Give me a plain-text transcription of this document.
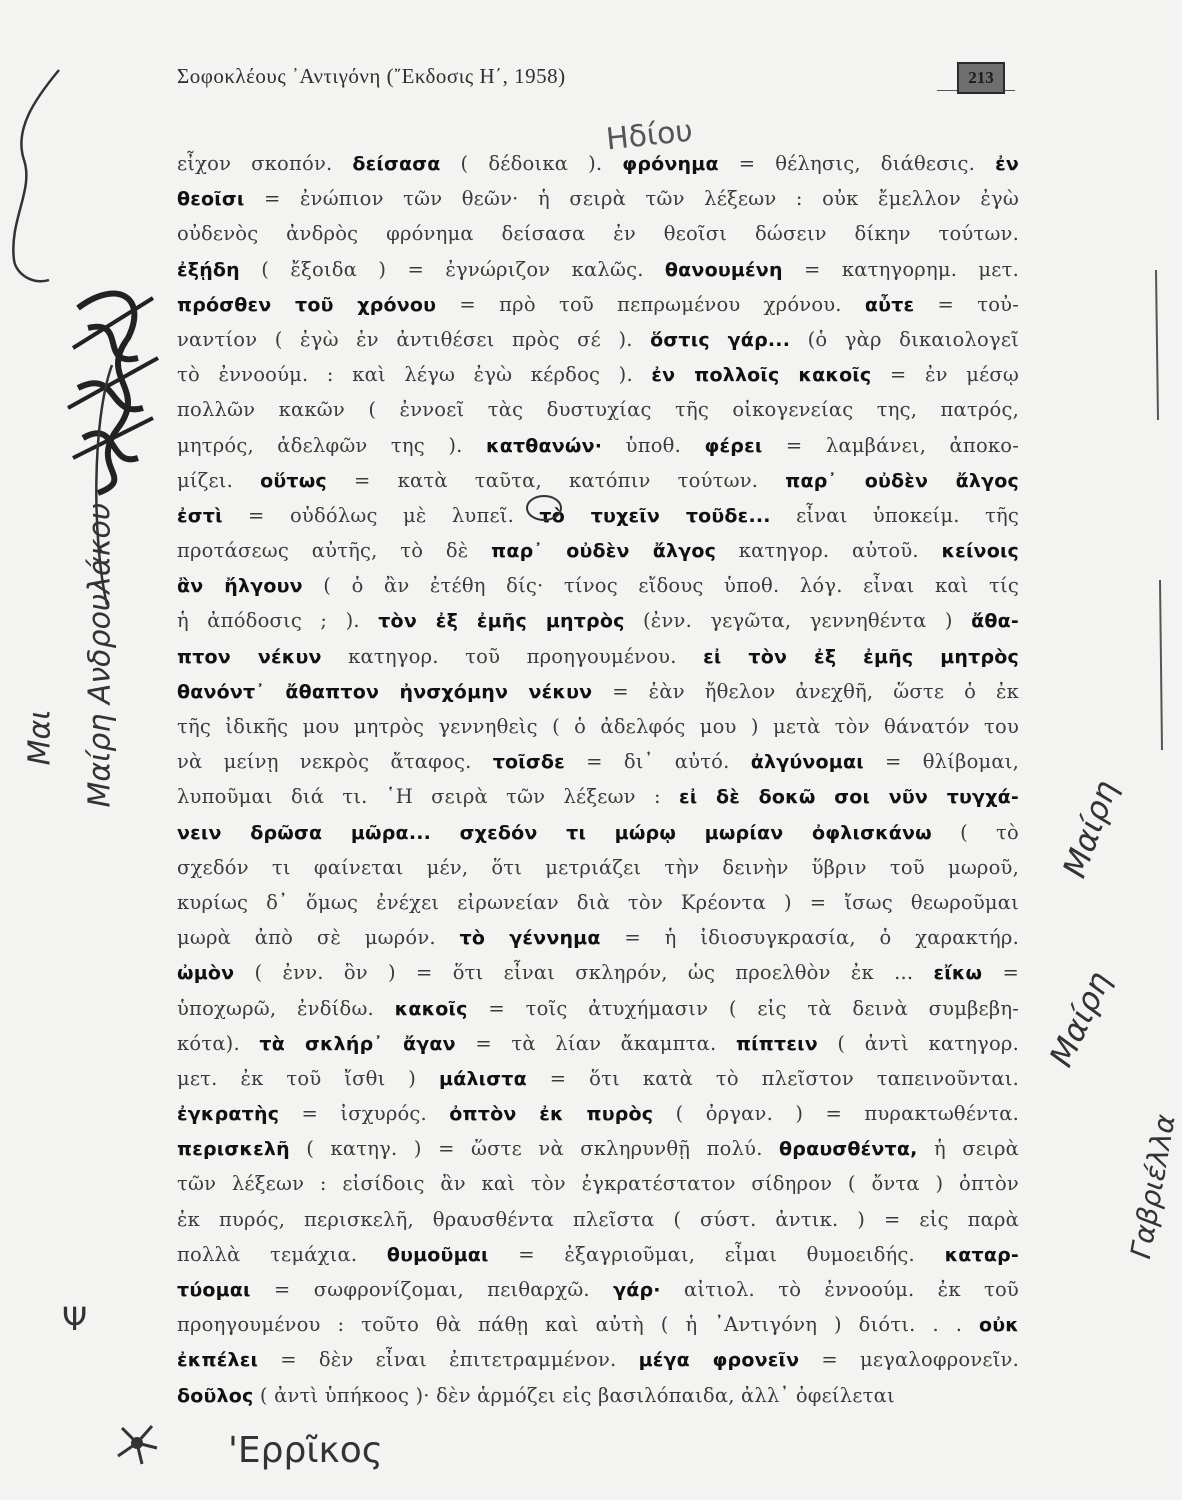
Σοφοκλέους ᾿Αντιγόνη (῎Εκδοσις Η΄, 1958)	213
εἶχον σκοπόν. δείσασα ( δέδοικα ). φρόνημα = θέλησις, διάθεσις. ἐν
θεοῖσι = ἐνώπιον τῶν θεῶν· ἡ σειρὰ τῶν λέξεων : οὐκ ἔμελλον ἐγὼ
οὐδενὸς ἀνδρὸς φρόνημα δείσασα ἐν θεοῖσι δώσειν δίκην τούτων.
ἐξῄδη ( ἔξοιδα ) = ἐγνώριζον καλῶς. θανουμένη = κατηγορημ. μετ.
πρόσθεν τοῦ χρόνου = πρὸ τοῦ πεπρωμένου χρόνου. αὖτε = τοὐ-
ναντίον ( ἐγὼ ἐν ἀντιθέσει πρὸς σέ ). ὅστις γάρ... (ὁ γὰρ δικαιολογεῖ
τὸ ἐννοούμ. : καὶ λέγω ἐγὼ κέρδος ). ἐν πολλοῖς κακοῖς = ἐν μέσῳ
πολλῶν κακῶν ( ἐννοεῖ τὰς δυστυχίας τῆς οἰκογενείας της, πατρός,
μητρός, ἀδελφῶν της ). κατθανών· ὑποθ. φέρει = λαμβάνει, ἀποκο-
μίζει. οὕτως = κατὰ ταῦτα, κατόπιν τούτων. παρ᾿ οὐδὲν ἄλγος
ἐστὶ = οὐδόλως μὲ λυπεῖ. τὸ τυχεῖν τοῦδε... εἶναι ὑποκείμ. τῆς
προτάσεως αὐτῆς, τὸ δὲ παρ᾿ οὐδὲν ἄλγος κατηγορ. αὐτοῦ. κείνοις
ἂν ἤλγουν ( ὁ ἂν ἐτέθη δίς· τίνος εἴδους ὑποθ. λόγ. εἶναι καὶ τίς
ἡ ἀπόδοσις ; ). τὸν ἐξ ἐμῆς μητρὸς (ἐνν. γεγῶτα, γεννηθέντα ) ἄθα-
πτον νέκυν κατηγορ. τοῦ προηγουμένου. εἰ τὸν ἐξ ἐμῆς μητρὸς
θανόντ᾿ ἄθαπτον ἠνσχόμην νέκυν = ἐὰν ἤθελον ἀνεχθῆ, ὥστε ὁ ἐκ
τῆς ἰδικῆς μου μητρὸς γεννηθεὶς ( ὁ ἀδελφός μου ) μετὰ τὸν θάνατόν του
νὰ μείνῃ νεκρὸς ἄταφος. τοῖσδε = δι᾿ αὐτό. ἀλγύνομαι = θλίβομαι,
λυποῦμαι διά τι. ῾Η σειρὰ τῶν λέξεων : εἰ δὲ δοκῶ σοι νῦν τυγχά-
νειν δρῶσα μῶρα... σχεδόν τι μώρῳ μωρίαν ὀφλισκάνω ( τὸ
σχεδόν τι φαίνεται μέν, ὅτι μετριάζει τὴν δεινὴν ὕβριν τοῦ μωροῦ,
κυρίως δ᾿ ὅμως ἐνέχει εἰρωνείαν διὰ τὸν Κρέοντα ) = ἴσως θεωροῦμαι
μωρὰ ἀπὸ σὲ μωρόν. τὸ γέννημα = ἡ ἰδιοσυγκρασία, ὁ χαρακτήρ.
ὠμὸν ( ἐνν. ὂν ) = ὅτι εἶναι σκληρόν, ὡς προελθὸν ἐκ ... εἴκω =
ὑποχωρῶ, ἐνδίδω. κακοῖς = τοῖς ἀτυχήμασιν ( εἰς τὰ δεινὰ συμβεβη-
κότα). τὰ σκλήρ᾿ ἄγαν = τὰ λίαν ἄκαμπτα. πίπτειν ( ἀντὶ κατηγορ.
μετ. ἐκ τοῦ ἴσθι ) μάλιστα = ὅτι κατὰ τὸ πλεῖστον ταπεινοῦνται.
ἐγκρατὴς = ἰσχυρός. ὀπτὸν ἐκ πυρὸς ( ὀργαν. ) = πυρακτωθέντα.
περισκελῆ ( κατηγ. ) = ὥστε νὰ σκληρυνθῇ πολύ. θραυσθέντα, ἡ σειρὰ
τῶν λέξεων : εἰσίδοις ἂν καὶ τὸν ἐγκρατέστατον σίδηρον ( ὄντα ) ὀπτὸν
ἐκ πυρός, περισκελῆ, θραυσθέντα πλεῖστα ( σύστ. ἀντικ. ) = εἰς παρὰ
πολλὰ τεμάχια. θυμοῦμαι = ἐξαγριοῦμαι, εἶμαι θυμοειδής. καταρ-
τύομαι = σωφρονίζομαι, πειθαρχῶ. γάρ· αἰτιολ. τὸ ἐννοούμ. ἐκ τοῦ
προηγουμένου : τοῦτο θὰ πάθῃ καὶ αὐτὴ ( ἡ ᾿Αντιγόνη ) διότι. . . οὐκ
ἐκπέλει = δὲν εἶναι ἐπιτετραμμένον. μέγα φρονεῖν = μεγαλοφρονεῖν.
δοῦλος ( ἀντὶ ὑπήκοος )· δὲν ἁρμόζει εἰς βασιλόπαιδα, ἀλλ᾿ ὀφείλεται
Ηδίου
Μαίρη Ανδρουλάκου
Μαι
Μαίρη
Μαίρη
Γαβριέλλα
'Ερρῖκος
Ψ
